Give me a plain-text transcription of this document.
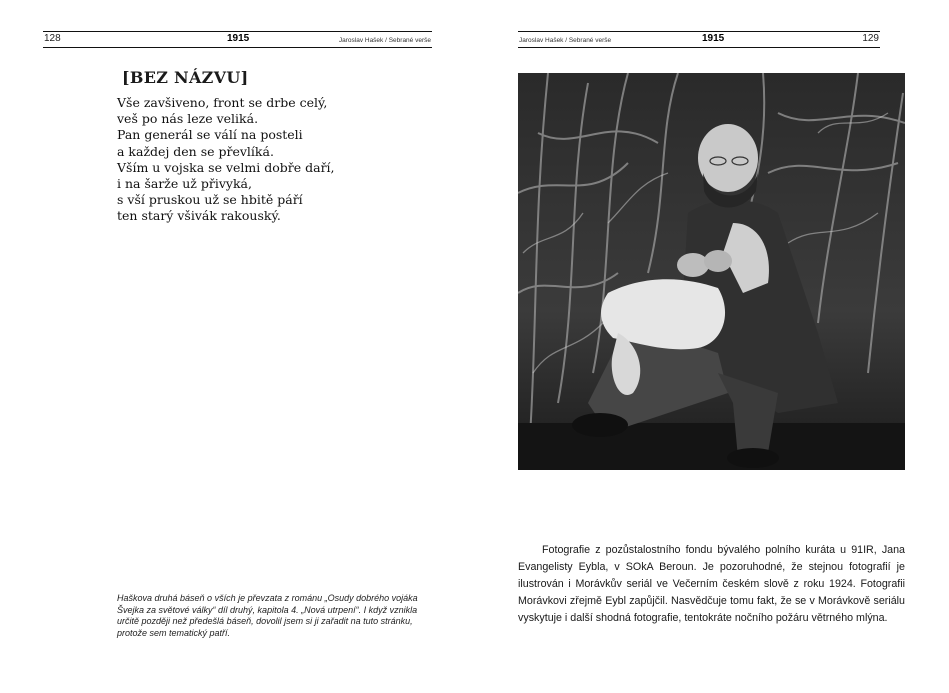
128	1915	Jaroslav Hašek / Sebrané verše
[BEZ NÁZVU]
Vše zavšiveno, front se drbe celý,
veš po nás leze veliká.
Pan generál se válí na posteli
a každej den se převlíká.
Vším u vojska se velmi dobře daří,
i na šarže už přivyká,
s vší pruskou už se hbitě páří
ten starý všivák rakouský.

Haškova druhá báseň o vších je převzata z románu „Osudy dobrého vojáka Švejka za světové války“ díl druhý, kapitola 4. „Nová utrpení“. I když vznikla určitě později než předešlá báseň, dovolil jsem si ji zařadit na tuto stránku, protože sem tematický patří.

Jaroslav Hašek / Sebrané verše	1915	129

Fotografie z pozůstalostního fondu bývalého polního kuráta u 91IR, Jana Evangelisty Eybla, v SOkA Beroun. Je pozoruhodné, že stejnou fotografií je ilustrován i Morávkův seriál ve Večerním českém slově z roku 1924. Fotografii Morávkovi zřejmě Eybl zapůjčil. Nasvědčuje tomu fakt, že se v Morávkově seriálu vyskytuje i další shodná fotografie, tentokráte nočního požáru větrného mlýna.
